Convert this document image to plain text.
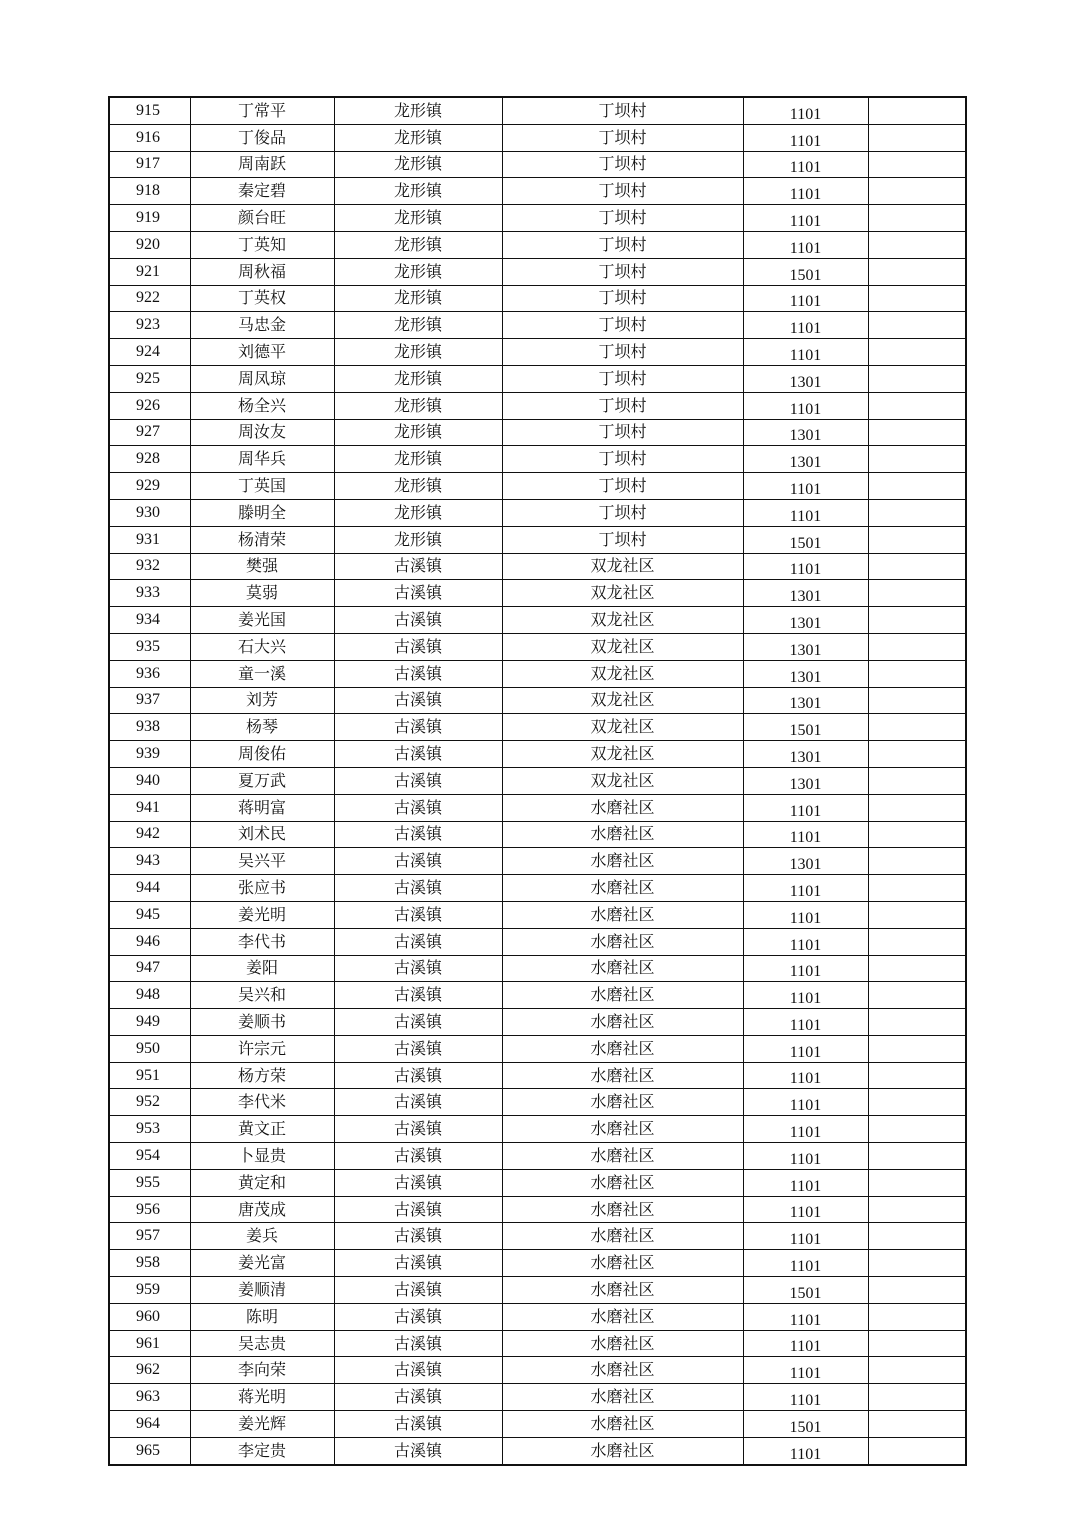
915	丁常平	龙形镇	丁坝村	1101	
916	丁俊品	龙形镇	丁坝村	1101	
917	周南跃	龙形镇	丁坝村	1101	
918	秦定碧	龙形镇	丁坝村	1101	
919	颜台旺	龙形镇	丁坝村	1101	
920	丁英知	龙形镇	丁坝村	1101	
921	周秋福	龙形镇	丁坝村	1501	
922	丁英权	龙形镇	丁坝村	1101	
923	马忠金	龙形镇	丁坝村	1101	
924	刘德平	龙形镇	丁坝村	1101	
925	周凤琼	龙形镇	丁坝村	1301	
926	杨全兴	龙形镇	丁坝村	1101	
927	周汝友	龙形镇	丁坝村	1301	
928	周华兵	龙形镇	丁坝村	1301	
929	丁英国	龙形镇	丁坝村	1101	
930	滕明全	龙形镇	丁坝村	1101	
931	杨清荣	龙形镇	丁坝村	1501	
932	樊强	古溪镇	双龙社区	1101	
933	莫弱	古溪镇	双龙社区	1301	
934	姜光国	古溪镇	双龙社区	1301	
935	石大兴	古溪镇	双龙社区	1301	
936	童一溪	古溪镇	双龙社区	1301	
937	刘芳	古溪镇	双龙社区	1301	
938	杨琴	古溪镇	双龙社区	1501	
939	周俊佑	古溪镇	双龙社区	1301	
940	夏万武	古溪镇	双龙社区	1301	
941	蒋明富	古溪镇	水磨社区	1101	
942	刘术民	古溪镇	水磨社区	1101	
943	吴兴平	古溪镇	水磨社区	1301	
944	张应书	古溪镇	水磨社区	1101	
945	姜光明	古溪镇	水磨社区	1101	
946	李代书	古溪镇	水磨社区	1101	
947	姜阳	古溪镇	水磨社区	1101	
948	吴兴和	古溪镇	水磨社区	1101	
949	姜顺书	古溪镇	水磨社区	1101	
950	许宗元	古溪镇	水磨社区	1101	
951	杨方荣	古溪镇	水磨社区	1101	
952	李代米	古溪镇	水磨社区	1101	
953	黄文正	古溪镇	水磨社区	1101	
954	卜显贵	古溪镇	水磨社区	1101	
955	黄定和	古溪镇	水磨社区	1101	
956	唐茂成	古溪镇	水磨社区	1101	
957	姜兵	古溪镇	水磨社区	1101	
958	姜光富	古溪镇	水磨社区	1101	
959	姜顺清	古溪镇	水磨社区	1501	
960	陈明	古溪镇	水磨社区	1101	
961	吴志贵	古溪镇	水磨社区	1101	
962	李向荣	古溪镇	水磨社区	1101	
963	蒋光明	古溪镇	水磨社区	1101	
964	姜光辉	古溪镇	水磨社区	1501	
965	李定贵	古溪镇	水磨社区	1101	
